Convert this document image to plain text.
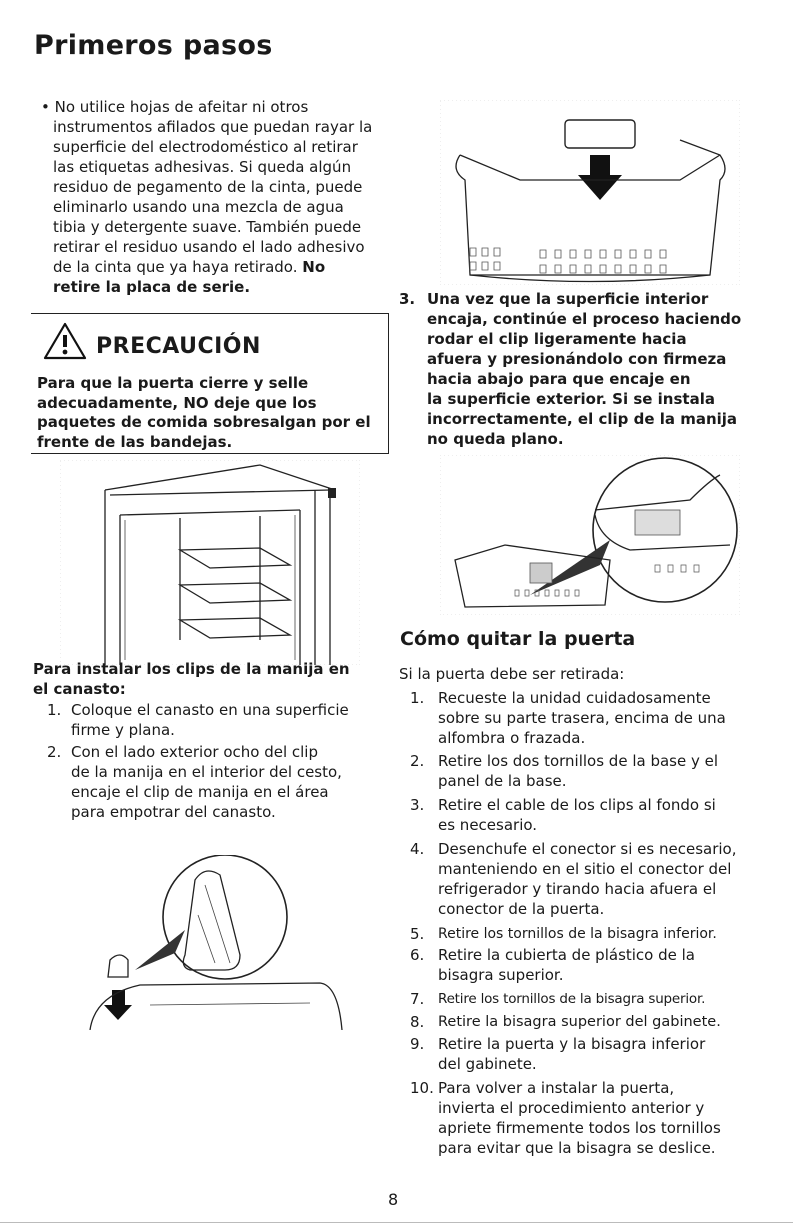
Primeros pasos
• No utilice hojas de afeitar ni otros
instrumentos afilados que puedan rayar la
superficie del electrodoméstico al retirar
las etiquetas adhesivas. Si queda algún
residuo de pegamento de la cinta, puede
eliminarlo usando una mezcla de agua
tibia y detergente suave. También puede
retirar el residuo usando el lado adhesivo
de la cinta que ya haya retirado. No
retire la placa de serie.
PRECAUCIÓN
Para que la puerta cierre y selle
adecuadamente, NO deje que los
paquetes de comida sobresalgan por el
frente de las bandejas.
Para instalar los clips de la manija en
el canasto:
1. Coloque el canasto en una superficie
firme y plana.
2. Con el lado exterior ocho del clip
de la manija en el interior del cesto,
encaje el clip de manija en el área
para empotrar del canasto.
3. Una vez que la superficie interior
encaja, continúe el proceso haciendo
rodar el clip ligeramente hacia
afuera y presionándolo con firmeza
hacia abajo para que encaje en
la superficie exterior. Si se instala
incorrectamente, el clip de la manija
no queda plano.
Cómo quitar la puerta
Si la puerta debe ser retirada:
1. Recueste la unidad cuidadosamente
sobre su parte trasera, encima de una
alfombra o frazada.
2. Retire los dos tornillos de la base y el
panel de la base.
3. Retire el cable de los clips al fondo si
es necesario.
4. Desenchufe el conector si es necesario,
manteniendo en el sitio el conector del
refrigerador y tirando hacia afuera el
conector de la puerta.
5. Retire los tornillos de la bisagra inferior.
6. Retire la cubierta de plástico de la
bisagra superior.
7. Retire los tornillos de la bisagra superior.
8. Retire la bisagra superior del gabinete.
9. Retire la puerta y la bisagra inferior
del gabinete.
10. Para volver a instalar la puerta,
invierta el procedimiento anterior y
apriete firmemente todos los tornillos
para evitar que la bisagra se deslice.
8
